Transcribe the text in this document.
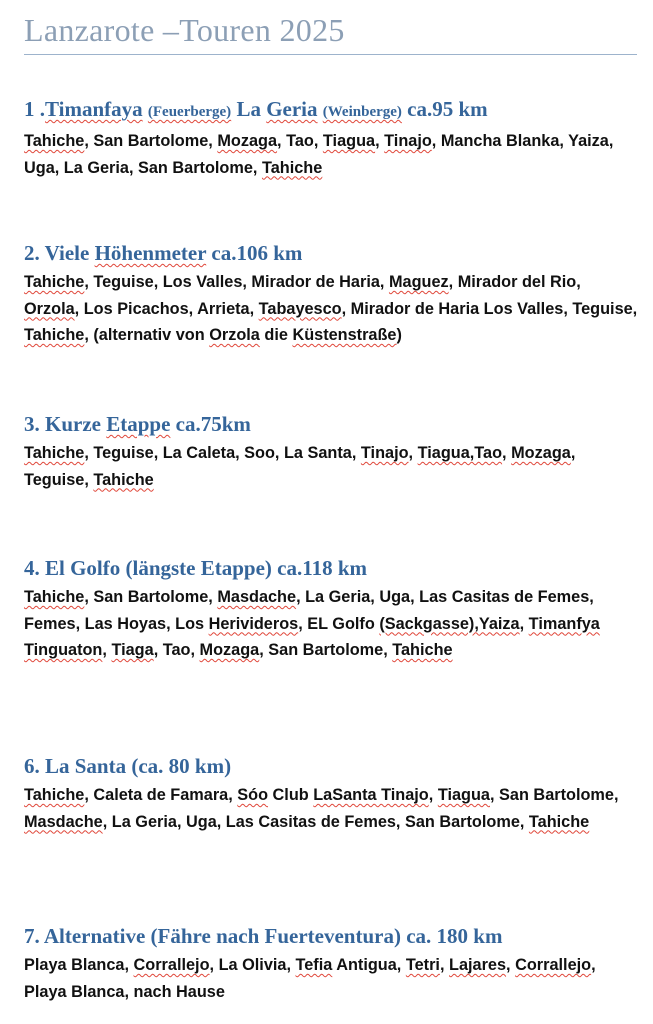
Lanzarote –Touren 2025
1 .Timanfaya (Feuerberge) La Geria (Weinberge) ca.95 km

Tahiche, San Bartolome, Mozaga, Tao, Tiagua, Tinajo, Mancha Blanka, Yaiza, Uga, La Geria, San Bartolome, Tahiche

2. Viele Höhenmeter ca.106 km

Tahiche, Teguise, Los Valles, Mirador de Haria, Maguez, Mirador del Rio, Orzola, Los Picachos, Arrieta, Tabayesco, Mirador de Haria Los Valles, Teguise, Tahiche, (alternativ von Orzola die Küstenstraße)

3. Kurze Etappe ca.75km

Tahiche, Teguise, La Caleta, Soo, La Santa, Tinajo, Tiagua,Tao, Mozaga, Teguise, Tahiche

4. El Golfo (längste Etappe) ca.118 km

Tahiche, San Bartolome, Masdache, La Geria, Uga, Las Casitas de Femes, Femes, Las Hoyas, Los Herivideros, EL Golfo (Sackgasse),Yaiza, Timanfya Tinguaton, Tiaga, Tao, Mozaga, San Bartolome, Tahiche

6. La Santa (ca. 80 km)

Tahiche, Caleta de Famara, Sóo Club LaSanta Tinajo, Tiagua, San Bartolome, Masdache, La Geria, Uga, Las Casitas de Femes, San Bartolome, Tahiche

7. Alternative (Fähre nach Fuerteventura) ca. 180 km

Playa Blanca, Corrallejo, La Olivia, Tefia Antigua, Tetri, Lajares, Corrallejo, Playa Blanca, nach Hause
